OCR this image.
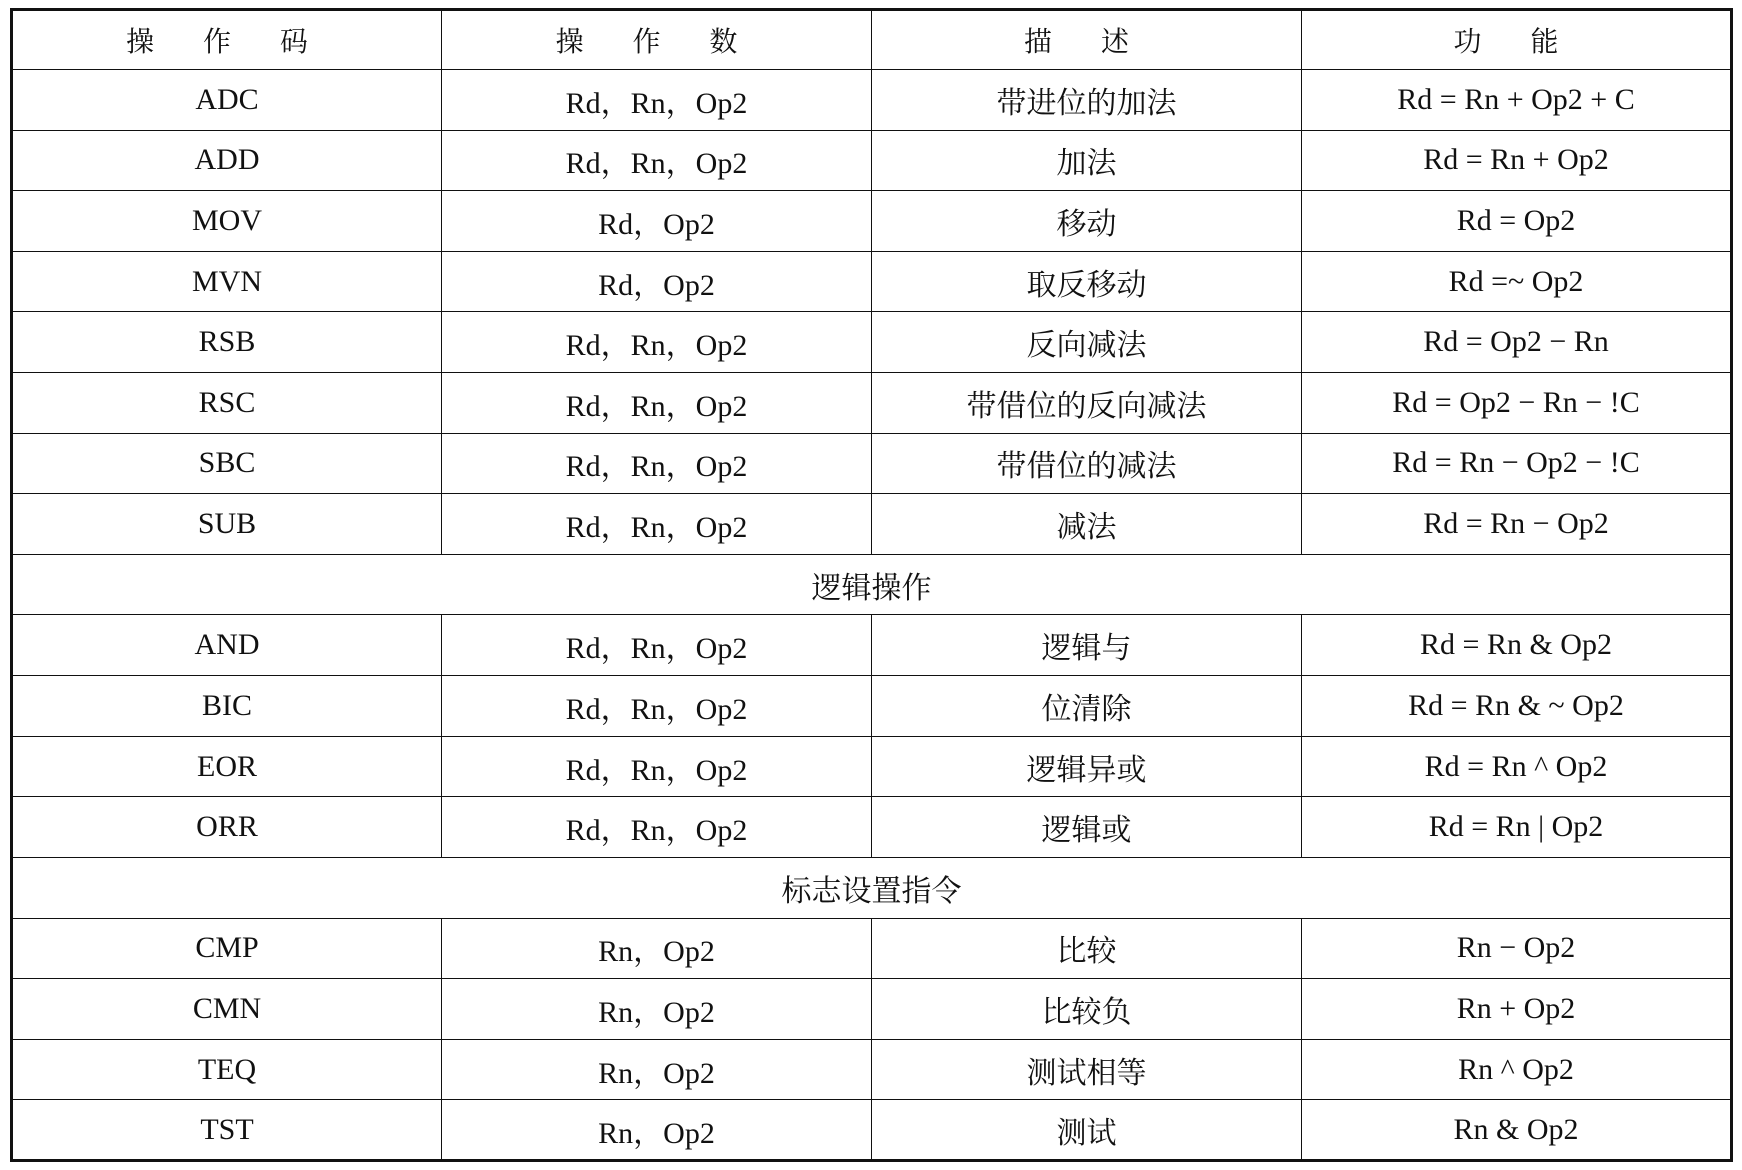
操 作 码	操 作 数	描 述	功 能
ADC	Rd，Rn，Op2	带进位的加法	Rd = Rn + Op2 + C
ADD	Rd，Rn，Op2	加法	Rd = Rn + Op2
MOV	Rd，Op2	移动	Rd = Op2
MVN	Rd，Op2	取反移动	Rd =~ Op2
RSB	Rd，Rn，Op2	反向减法	Rd = Op2 − Rn
RSC	Rd，Rn，Op2	带借位的反向减法	Rd = Op2 − Rn − !C
SBC	Rd，Rn，Op2	带借位的减法	Rd = Rn − Op2 − !C
SUB	Rd，Rn，Op2	减法	Rd = Rn − Op2
逻辑操作			
AND	Rd，Rn，Op2	逻辑与	Rd = Rn & Op2
BIC	Rd，Rn，Op2	位清除	Rd = Rn & ~ Op2
EOR	Rd，Rn，Op2	逻辑异或	Rd = Rn ^ Op2
ORR	Rd，Rn，Op2	逻辑或	Rd = Rn | Op2
标志设置指令			
CMP	Rn，Op2	比较	Rn − Op2
CMN	Rn，Op2	比较负	Rn + Op2
TEQ	Rn，Op2	测试相等	Rn ^ Op2
TST	Rn，Op2	测试	Rn & Op2
